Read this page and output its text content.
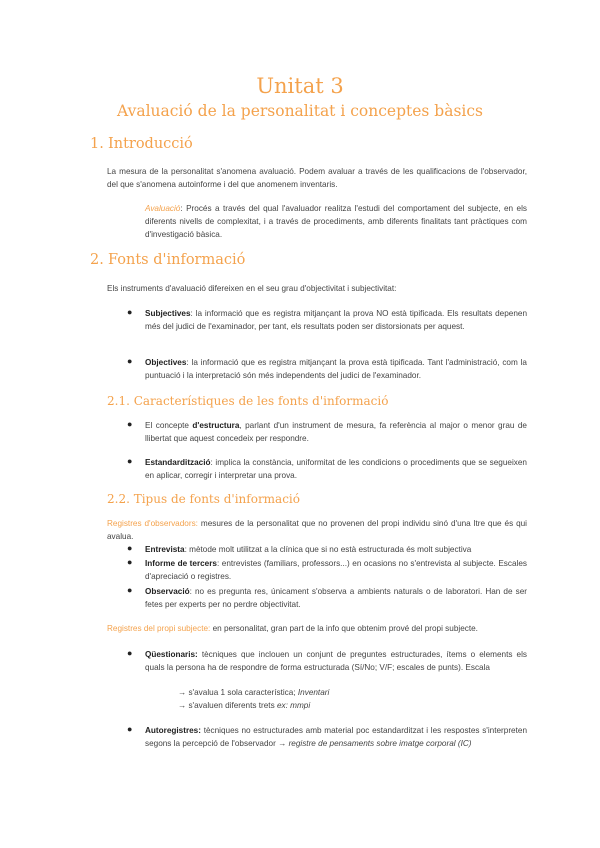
Unitat 3
Avaluació de la personalitat i conceptes bàsics
1. Introducció
La mesura de la personalitat s'anomena avaluació. Podem avaluar a través de les qualificacions de l'observador, del que s'anomena autoinforme i del que anomenem inventaris.
Avaluació: Procés a través del qual l'avaluador realitza l'estudi del comportament del subjecte, en els diferents nivells de complexitat, i a través de procediments, amb diferents finalitats tant pràctiques com d'investigació bàsica.
2. Fonts d'informació
Els instruments d'avaluació difereixen en el seu grau d'objectivitat i subjectivitat:
●	Subjectives: la informació que es registra mitjançant la prova NO està tipificada. Els resultats depenen més del judici de l'examinador, per tant, els resultats poden ser distorsionats per aquest.
●	Objectives: la informació que es registra mitjançant la prova està tipificada. Tant l'administració, com la puntuació i la interpretació són més independents del judici de l'examinador.
2.1. Característiques de les fonts d'informació
●	El concepte d'estructura, parlant d'un instrument de mesura, fa referència al major o menor grau de llibertat que aquest concedeix per respondre.
●	Estandardització: implica la constància, uniformitat de les condicions o procediments que se segueixen en aplicar, corregir i interpretar una prova.
2.2. Tipus de fonts d'informació
Registres d'observadors: mesures de la personalitat que no provenen del propi individu sinó d'una ltre que és qui avalua.
●	Entrevista: mètode molt utilitzat a la clínica que si no està estructurada és molt subjectiva
●	Informe de tercers: entrevistes (familiars, professors...) en ocasions no s'entrevista al subjecte. Escales d'apreciació o registres.
●	Observació: no es pregunta res, únicament s'observa a ambients naturals o de laboratori. Han de ser fetes per experts per no perdre objectivitat.
Registres del propi subjecte: en personalitat, gran part de la info que obtenim prové del propi subjecte.
●	Qüestionaris: tècniques que inclouen un conjunt de preguntes estructurades, ítems o elements els quals la persona ha de respondre de forma estructurada (Sí/No; V/F; escales de punts). Escala
→ s'avalua 1 sola característica; Inventari
→ s'avaluen diferents trets ex: mmpi
●	Autoregistres: tècniques no estructurades amb material poc estandarditzat i les respostes s'interpreten segons la percepció de l'observador → registre de pensaments sobre imatge corporal (IC)
